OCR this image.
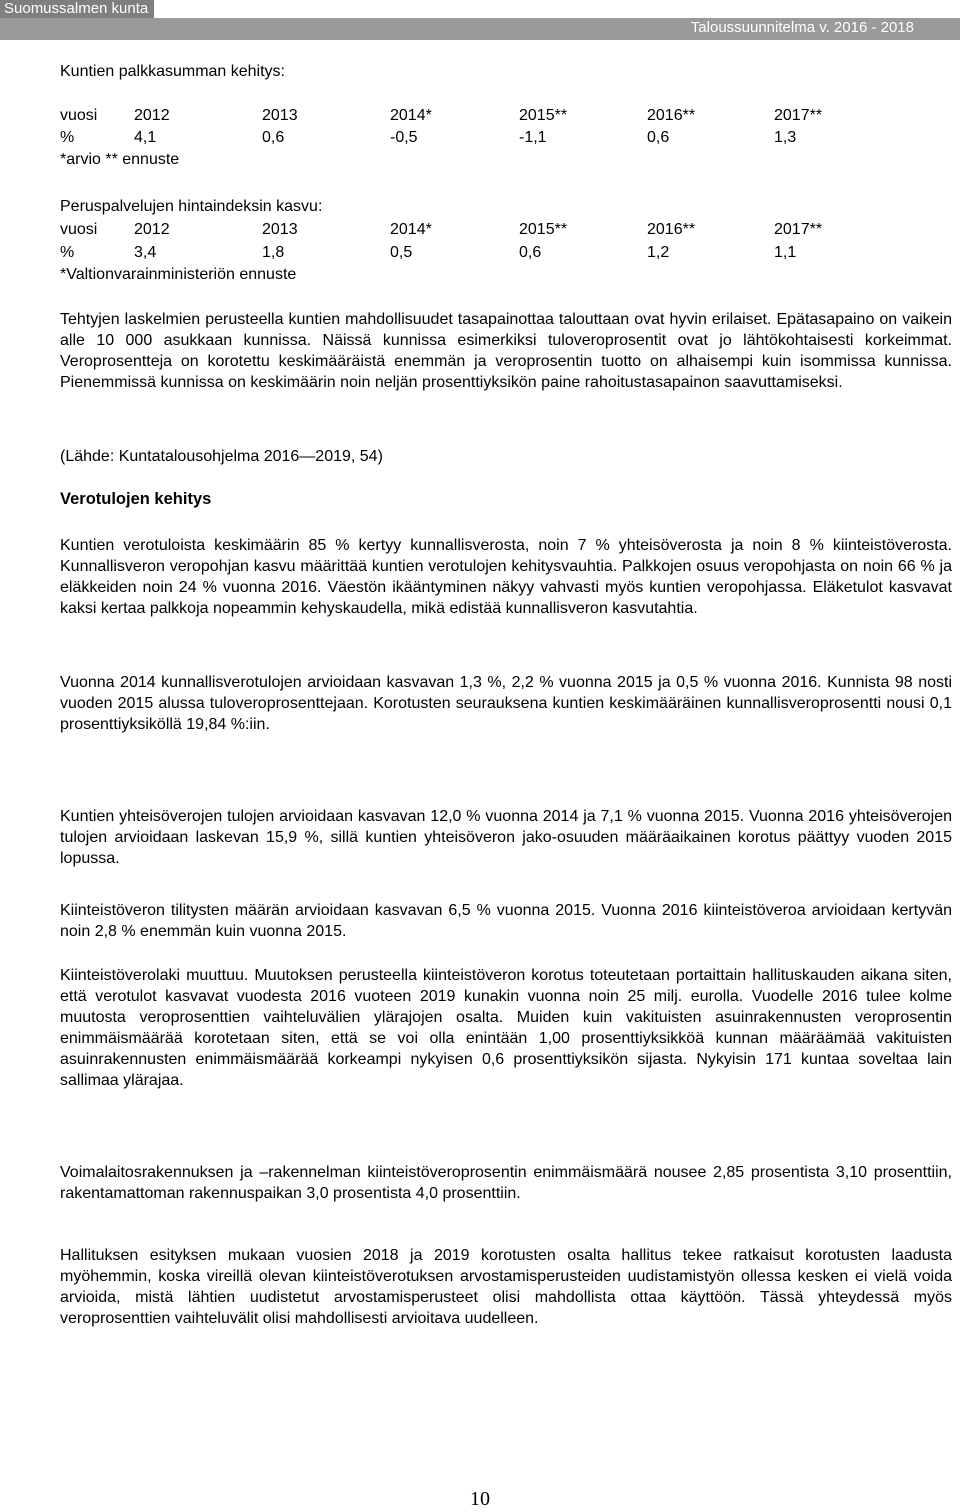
Suomussalmen kunta
Taloussuunnitelma v. 2016 - 2018
Kuntien palkkasumman kehitys:
vuosi 2012	2013	2014*	2015**	2016**	2017**
%	4,1	0,6	-0,5	-1,1	0,6	1,3
*arvio ** ennuste
Peruspalvelujen hintaindeksin kasvu:
vuosi 2012	2013	2014*	2015**	2016**	2017**
%	3,4	1,8	0,5	0,6	1,2	1,1
*Valtionvarainministeriön ennuste
Tehtyjen laskelmien perusteella kuntien mahdollisuudet tasapainottaa talouttaan ovat hyvin erilaiset. Epätasapaino on vaikein alle 10 000 asukkaan kunnissa. Näissä kunnissa esimerkiksi tuloveroprosentit ovat jo lähtökohtaisesti korkeimmat. Veroprosentteja on korotettu keskimääräistä enemmän ja veroprosentin tuotto on alhaisempi kuin isommissa kunnissa. Pienemmissä kunnissa on keskimäärin noin neljän prosenttiyksikön paine rahoitustasapainon saavuttamiseksi.
(Lähde: Kuntatalousohjelma 2016—2019, 54)
Verotulojen kehitys
Kuntien verotuloista keskimäärin 85 % kertyy kunnallisverosta, noin 7 % yhteisöverosta ja noin 8 % kiinteistöverosta. Kunnallisveron veropohjan kasvu määrittää kuntien verotulojen kehitysvauhtia. Palkkojen osuus veropohjasta on noin 66 % ja eläkkeiden noin 24 % vuonna 2016. Väestön ikääntyminen näkyy vahvasti myös kuntien veropohjassa. Eläketulot kasvavat kaksi kertaa palkkoja nopeammin kehyskaudella, mikä edistää kunnallisveron kasvutahtia.
Vuonna 2014 kunnallisverotulojen arvioidaan kasvavan 1,3 %, 2,2 % vuonna 2015 ja 0,5 % vuonna 2016. Kunnista 98 nosti vuoden 2015 alussa tuloveroprosenttejaan. Korotusten seurauksena kuntien keskimääräinen kunnallisveroprosentti nousi 0,1 prosenttiyksiköllä 19,84 %:iin.
Kuntien yhteisöverojen tulojen arvioidaan kasvavan 12,0 % vuonna 2014 ja 7,1 % vuonna 2015. Vuonna 2016 yhteisöverojen tulojen arvioidaan laskevan 15,9 %, sillä kuntien yhteisöveron jako-osuuden määräaikainen korotus päättyy vuoden 2015 lopussa.
Kiinteistöveron tilitysten määrän arvioidaan kasvavan 6,5 % vuonna 2015. Vuonna 2016 kiinteistöveroa arvioidaan kertyvän noin 2,8 % enemmän kuin vuonna 2015.
Kiinteistöverolaki muuttuu. Muutoksen perusteella kiinteistöveron korotus toteutetaan portaittain hallituskauden aikana siten, että verotulot kasvavat vuodesta 2016 vuoteen 2019 kunakin vuonna noin 25 milj. eurolla. Vuodelle 2016 tulee kolme muutosta veroprosenttien vaihteluvälien ylärajojen osalta. Muiden kuin vakituisten asuinrakennusten veroprosentin enimmäismäärää korotetaan siten, että se voi olla enintään 1,00 prosenttiyksikköä kunnan määräämää vakituisten asuinrakennusten enimmäismäärää korkeampi nykyisen 0,6 prosenttiyksikön sijasta. Nykyisin 171 kuntaa soveltaa lain sallimaa ylärajaa.
Voimalaitosrakennuksen ja –rakennelman kiinteistöveroprosentin enimmäismäärä nousee 2,85 prosentista 3,10 prosenttiin, rakentamattoman rakennuspaikan 3,0 prosentista 4,0 prosenttiin.
Hallituksen esityksen mukaan vuosien 2018 ja 2019 korotusten osalta hallitus tekee ratkaisut korotusten laadusta myöhemmin, koska vireillä olevan kiinteistöverotuksen arvostamisperusteiden uudistamistyön ollessa kesken ei vielä voida arvioida, mistä lähtien uudistetut arvostamisperusteet olisi mahdollista ottaa käyttöön. Tässä yhteydessä myös veroprosenttien vaihteluvälit olisi mahdollisesti arvioitava uudelleen.
10
